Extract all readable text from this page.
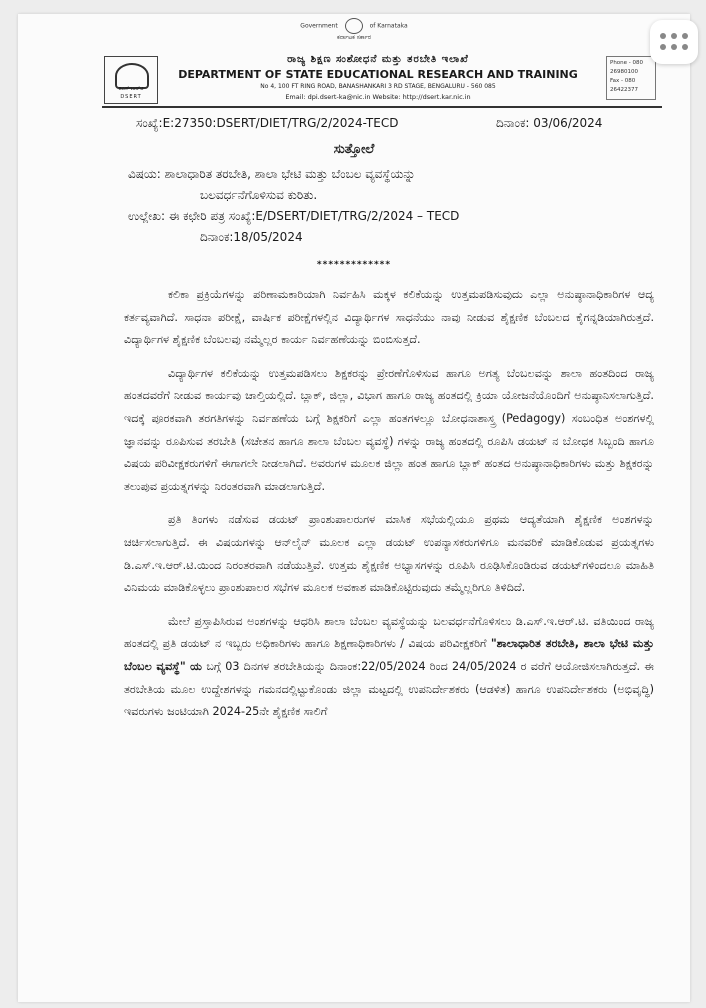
Government	of Karnataka
ಕರ್ನಾಟಕ ಸರ್ಕಾರ
ಡಿಎಸ್ಇಆರ್‌ಟಿ
DSERT
ರಾಜ್ಯ ಶಿಕ್ಷಣ ಸಂಶೋಧನೆ ಮತ್ತು ತರಬೇತಿ ಇಲಾಖೆ
DEPARTMENT OF STATE EDUCATIONAL RESEARCH AND TRAINING
No 4, 100 FT RING ROAD, BANASHANKARI 3 RD STAGE, BENGALURU - 560 085
Email: dpi.dsert-ka@nic.in Website: http://dsert.kar.nic.in
Phone - 080
26980100
Fax - 080
26422377
ಸಂಖ್ಯೆ:E:27350:DSERT/DIET/TRG/2/2024-TECD	ದಿನಾಂಕ: 03/06/2024
ಸುತ್ತೋಲೆ
ವಿಷಯ: ಶಾಲಾಧಾರಿತ ತರಬೇತಿ, ಶಾಲಾ ಭೇಟಿ ಮತ್ತು ಬೆಂಬಲ ವ್ಯವಸ್ಥೆಯನ್ನು
ಬಲವರ್ಧನೆಗೊಳಿಸುವ ಕುರಿತು.
ಉಲ್ಲೇಖ: ಈ ಕಛೇರಿ ಪತ್ರ ಸಂಖ್ಯೆ:E/DSERT/DIET/TRG/2/2024 – TECD
ದಿನಾಂಕ:18/05/2024
*************

ಕಲಿಕಾ ಪ್ರಕ್ರಿಯೆಗಳನ್ನು ಪರಿಣಾಮಕಾರಿಯಾಗಿ ನಿರ್ವಹಿಸಿ ಮಕ್ಕಳ ಕಲಿಕೆಯನ್ನು ಉತ್ತಮಪಡಿಸುವುದು ಎಲ್ಲಾ ಅನುಷ್ಠಾನಾಧಿಕಾರಿಗಳ ಆದ್ಯ ಕರ್ತವ್ಯವಾಗಿದೆ. ಸಾಧನಾ ಪರೀಕ್ಷೆ, ವಾರ್ಷಿಕ ಪರೀಕ್ಷೆಗಳಲ್ಲಿನ ವಿದ್ಯಾರ್ಥಿಗಳ ಸಾಧನೆಯು ನಾವು ನೀಡುವ ಶೈಕ್ಷಣಿಕ ಬೆಂಬಲದ ಕೈಗನ್ನಡಿಯಾಗಿರುತ್ತದೆ. ವಿದ್ಯಾರ್ಥಿಗಳ ಶೈಕ್ಷಣಿಕ ಬೆಂಬಲವು ನಮ್ಮೆಲ್ಲರ ಕಾರ್ಯ ನಿರ್ವಹಣೆಯನ್ನು ಬಿಂಬಿಸುತ್ತದೆ.

ವಿದ್ಯಾರ್ಥಿಗಳ ಕಲಿಕೆಯನ್ನು ಉತ್ತಮಪಡಿಸಲು ಶಿಕ್ಷಕರನ್ನು ಪ್ರೇರಣೆಗೊಳಿಸುವ ಹಾಗೂ ಅಗತ್ಯ ಬೆಂಬಲವನ್ನು ಶಾಲಾ ಹಂತದಿಂದ ರಾಜ್ಯ ಹಂತದವರೆಗೆ ನೀಡುವ ಕಾರ್ಯವು ಚಾಲ್ತಿಯಲ್ಲಿದೆ. ಬ್ಲಾಕ್, ಜಿಲ್ಲಾ, ವಿಭಾಗ ಹಾಗೂ ರಾಜ್ಯ ಹಂತದಲ್ಲಿ ಕ್ರಿಯಾ ಯೋಜನೆಯೊಂದಿಗೆ ಅನುಷ್ಠಾನಿಸಲಾಗುತ್ತಿದೆ. ಇದಕ್ಕೆ ಪೂರಕವಾಗಿ ತರಗತಿಗಳನ್ನು ನಿರ್ವಹಣೆಯ ಬಗ್ಗೆ ಶಿಕ್ಷಕರಿಗೆ ಎಲ್ಲಾ ಹಂತಗಳಲ್ಲೂ ಬೋಧನಾಶಾಸ್ತ್ರ (Pedagogy) ಸಂಬಂಧಿತ ಅಂಶಗಳಲ್ಲಿ ಜ್ಞಾನವನ್ನು ರೂಪಿಸುವ ತರಬೇತಿ (ಸಚೇತನ ಹಾಗೂ ಶಾಲಾ ಬೆಂಬಲ ವ್ಯವಸ್ಥೆ) ಗಳನ್ನು ರಾಜ್ಯ ಹಂತದಲ್ಲಿ ರೂಪಿಸಿ ಡಯಟ್ ನ ಬೋಧಕ ಸಿಬ್ಬಂದಿ ಹಾಗೂ ವಿಷಯ ಪರಿವೀಕ್ಷಕರುಗಳಿಗೆ ಈಗಾಗಲೇ ನೀಡಲಾಗಿದೆ. ಅವರುಗಳ ಮೂಲಕ ಜಿಲ್ಲಾ ಹಂತ ಹಾಗೂ ಬ್ಲಾಕ್ ಹಂತದ ಅನುಷ್ಠಾನಾಧಿಕಾರಿಗಳು ಮತ್ತು ಶಿಕ್ಷಕರನ್ನು ತಲುಪುವ ಪ್ರಯತ್ನಗಳನ್ನು ನಿರಂತರವಾಗಿ ಮಾಡಲಾಗುತ್ತಿದೆ.

ಪ್ರತಿ ತಿಂಗಳು ನಡೆಸುವ ಡಯಟ್ ಪ್ರಾಂಶುಪಾಲರುಗಳ ಮಾಸಿಕ ಸಭೆಯಲ್ಲಿಯೂ ಪ್ರಥಮ ಆದ್ಯತೆಯಾಗಿ ಶೈಕ್ಷಣಿಕ ಅಂಶಗಳನ್ನು ಚರ್ಚಿಸಲಾಗುತ್ತಿದೆ. ಈ ವಿಷಯಗಳನ್ನು ಆನ್‌ಲೈನ್ ಮೂಲಕ ಎಲ್ಲಾ ಡಯಟ್ ಉಪನ್ಯಾಸಕರುಗಳಿಗೂ ಮನವರಿಕೆ ಮಾಡಿಕೊಡುವ ಪ್ರಯತ್ನಗಳು ಡಿ.ಎಸ್.ಇ.ಆರ್.ಟಿ.ಯಿಂದ ನಿರಂತರವಾಗಿ ನಡೆಯುತ್ತಿವೆ. ಉತ್ತಮ ಶೈಕ್ಷಣಿಕ ಅಭ್ಯಾಸಗಳನ್ನು ರೂಪಿಸಿ ರೂಢಿಸಿಕೊಂಡಿರುವ ಡಯಟ್‌ಗಳಿಂದಲೂ ಮಾಹಿತಿ ವಿನಿಮಯ ಮಾಡಿಕೊಳ್ಳಲು ಪ್ರಾಂಶುಪಾಲರ ಸಭೆಗಳ ಮೂಲಕ ಅವಕಾಶ ಮಾಡಿಕೊಟ್ಟಿರುವುದು ತಮ್ಮೆಲ್ಲರಿಗೂ ತಿಳಿದಿದೆ.

ಮೇಲೆ ಪ್ರಸ್ತಾಪಿಸಿರುವ ಅಂಶಗಳನ್ನು ಆಧರಿಸಿ ಶಾಲಾ ಬೆಂಬಲ ವ್ಯವಸ್ಥೆಯನ್ನು ಬಲವರ್ಧನೆಗೊಳಿಸಲು ಡಿ.ಎಸ್.ಇ.ಆರ್.ಟಿ. ವತಿಯಿಂದ ರಾಜ್ಯ ಹಂತದಲ್ಲಿ ಪ್ರತಿ ಡಯಟ್ ನ ಇಬ್ಬರು ಅಧಿಕಾರಿಗಳು ಹಾಗೂ ಶಿಕ್ಷಣಾಧಿಕಾರಿಗಳು / ವಿಷಯ ಪರಿವೀಕ್ಷಕರಿಗೆ "ಶಾಲಾಧಾರಿತ ತರಬೇತಿ, ಶಾಲಾ ಭೇಟಿ ಮತ್ತು ಬೆಂಬಲ ವ್ಯವಸ್ಥೆ" ಯ ಬಗ್ಗೆ 03 ದಿನಗಳ ತರಬೇತಿಯನ್ನು ದಿನಾಂಕ:22/05/2024 ರಿಂದ 24/05/2024 ರ ವರೆಗೆ ಆಯೋಜಿಸಲಾಗಿರುತ್ತದೆ. ಈ ತರಬೇತಿಯ ಮೂಲ ಉದ್ದೇಶಗಳನ್ನು ಗಮನದಲ್ಲಿಟ್ಟುಕೊಂಡು ಜಿಲ್ಲಾ ಮಟ್ಟದಲ್ಲಿ ಉಪನಿರ್ದೇಶಕರು (ಆಡಳಿತ) ಹಾಗೂ ಉಪನಿರ್ದೇಶಕರು (ಅಭಿವೃದ್ಧಿ) ಇವರುಗಳು ಜಂಟಿಯಾಗಿ 2024-25ನೇ ಶೈಕ್ಷಣಿಕ ಸಾಲಿಗೆ
